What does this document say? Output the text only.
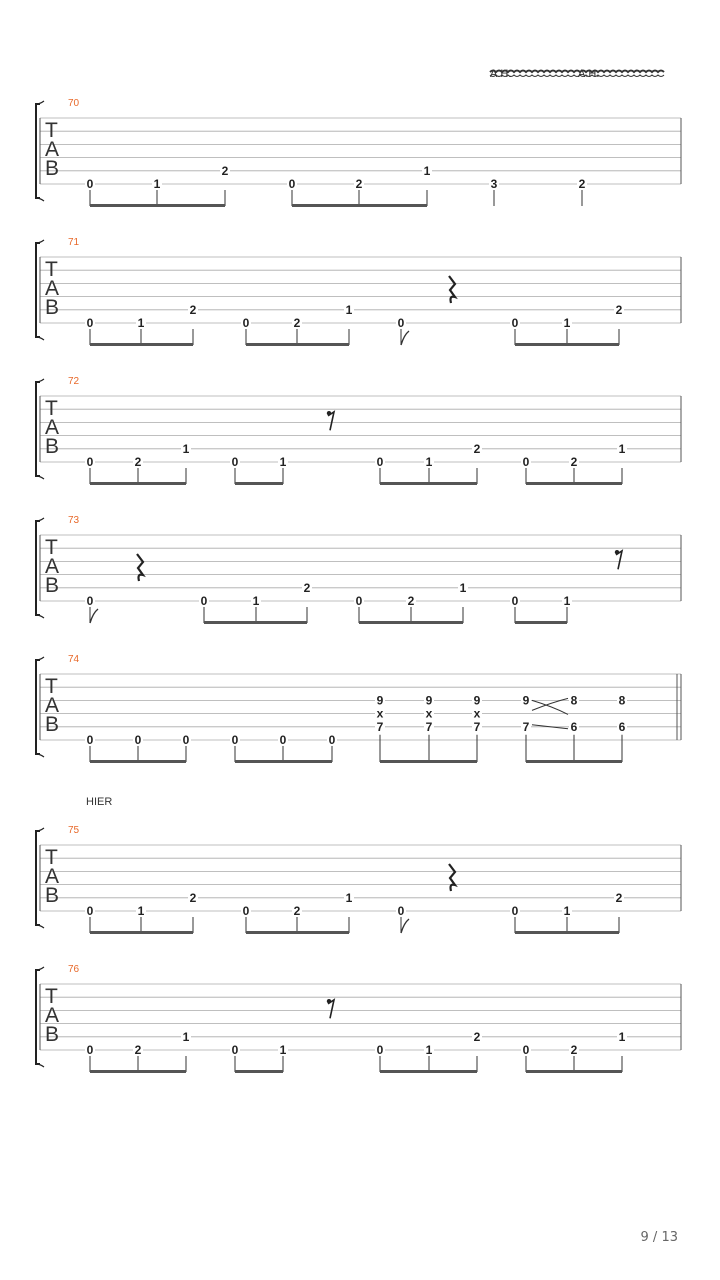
A.H.	A.H.
HIER
70
T
A
B
0	1
2
0	2
1
3	2
71
T
A
B
0	1
2
0	2
1
0	0	1
2
72
T
A
B
0	2
1
0	1	0	1
2
0	2
1
73
T
A
B
0	0	1
2
0	2
1
0	1
74
T
A
B
0	0	0	0	0	0
9
x
7
9
x
7
9
x
7
9
7
8
6
8
6
75
T
A
B
0	1
2
0	2
1
0	0	1
2
76
T
A
B
0	2
1
0	1	0	1
2
0	2
1
9 / 13
